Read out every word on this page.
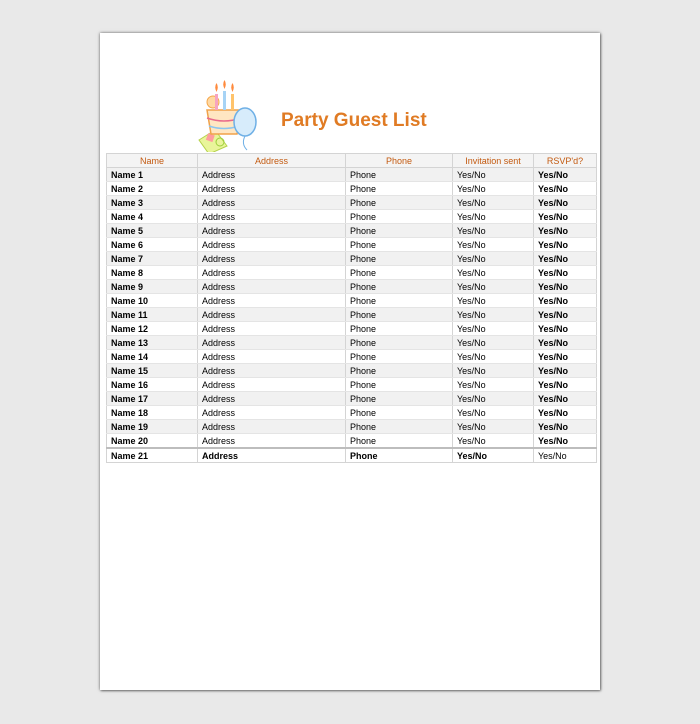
Party Guest List
Name	Address	Phone	Invitation sent	RSVP'd?
Name 1	Address	Phone	Yes/No	Yes/No
Name 2	Address	Phone	Yes/No	Yes/No
Name 3	Address	Phone	Yes/No	Yes/No
Name 4	Address	Phone	Yes/No	Yes/No
Name 5	Address	Phone	Yes/No	Yes/No
Name 6	Address	Phone	Yes/No	Yes/No
Name 7	Address	Phone	Yes/No	Yes/No
Name 8	Address	Phone	Yes/No	Yes/No
Name 9	Address	Phone	Yes/No	Yes/No
Name 10	Address	Phone	Yes/No	Yes/No
Name 11	Address	Phone	Yes/No	Yes/No
Name 12	Address	Phone	Yes/No	Yes/No
Name 13	Address	Phone	Yes/No	Yes/No
Name 14	Address	Phone	Yes/No	Yes/No
Name 15	Address	Phone	Yes/No	Yes/No
Name 16	Address	Phone	Yes/No	Yes/No
Name 17	Address	Phone	Yes/No	Yes/No
Name 18	Address	Phone	Yes/No	Yes/No
Name 19	Address	Phone	Yes/No	Yes/No
Name 20	Address	Phone	Yes/No	Yes/No
Name 21	Address	Phone	Yes/No	Yes/No
